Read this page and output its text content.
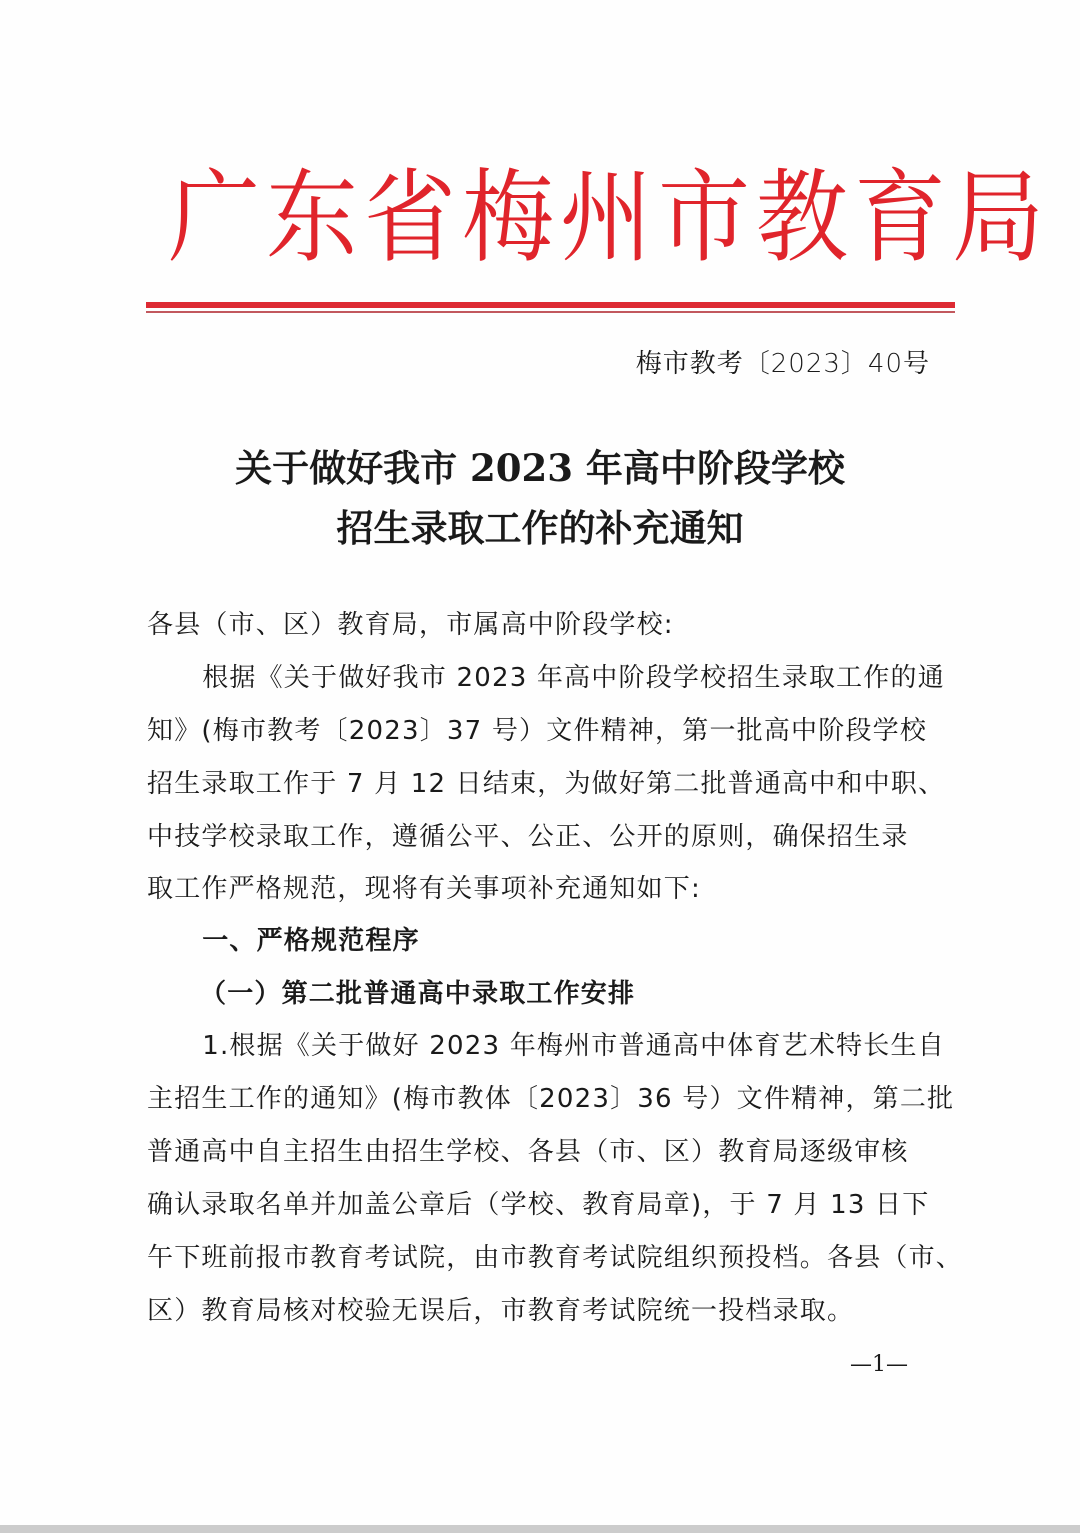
广东省梅州市教育局
梅市教考〔2023〕40号
关于做好我市 2023 年高中阶段学校
招生录取工作的补充通知
各县（市、区）教育局，市属高中阶段学校:
　根据《关于做好我市 2023 年高中阶段学校招生录取工作的通
知》(梅市教考〔2023〕37 号）文件精神，第一批高中阶段学校
招生录取工作于 7 月 12 日结束，为做好第二批普通高中和中职、
中技学校录取工作，遵循公平、公正、公开的原则，确保招生录
取工作严格规范，现将有关事项补充通知如下:
　一、严格规范程序
（一）第二批普通高中录取工作安排
　1.根据《关于做好 2023 年梅州市普通高中体育艺术特长生自
主招生工作的通知》(梅市教体〔2023〕36 号）文件精神，第二批
普通高中自主招生由招生学校、各县（市、区）教育局逐级审核
确认录取名单并加盖公章后（学校、教育局章)，于 7 月 13 日下
午下班前报市教育考试院，由市教育考试院组织预投档。各县（市、
区）教育局核对校验无误后，市教育考试院统一投档录取。
—1—
